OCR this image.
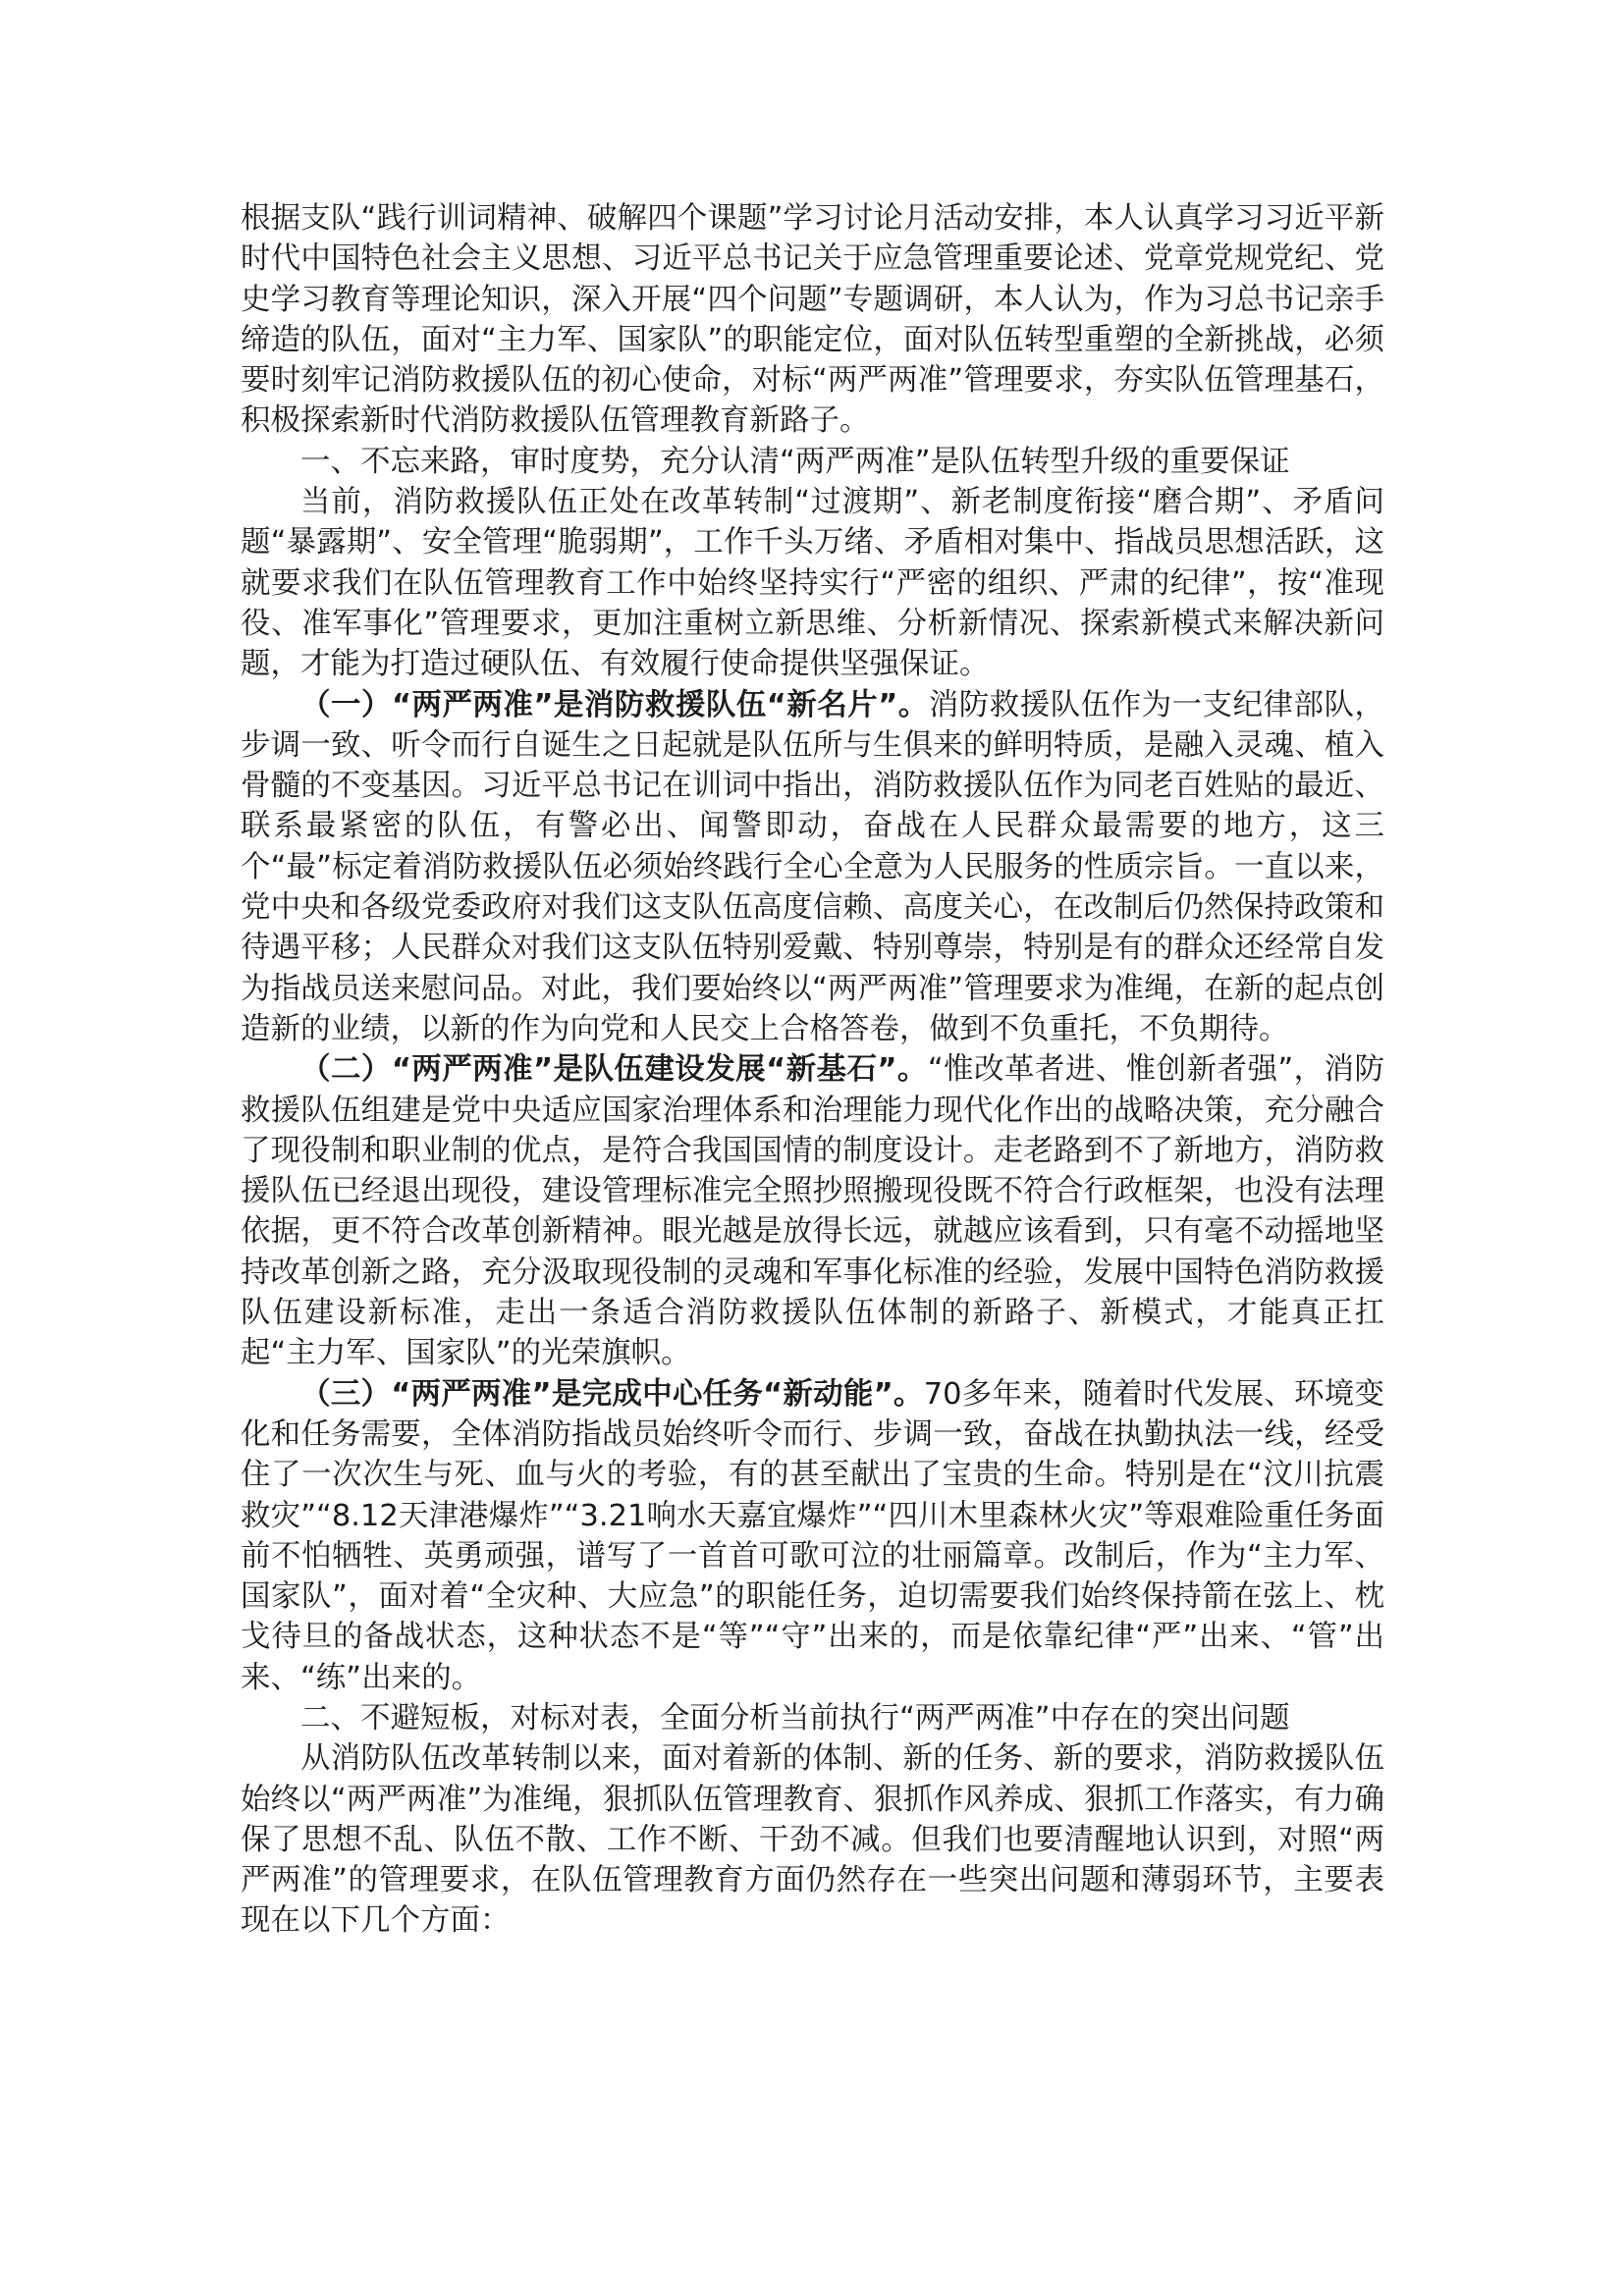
根据支队“践行训词精神、破解四个课题”学习讨论月活动安排，本人认真学习习近平新时代中国特色社会主义思想、习近平总书记关于应急管理重要论述、党章党规党纪、党史学习教育等理论知识，深入开展“四个问题”专题调研，本人认为，作为习总书记亲手缔造的队伍，面对“主力军、国家队”的职能定位，面对队伍转型重塑的全新挑战，必须要时刻牢记消防救援队伍的初心使命，对标“两严两准”管理要求，夯实队伍管理基石，积极探索新时代消防救援队伍管理教育新路子。

一、不忘来路，审时度势，充分认清“两严两准”是队伍转型升级的重要保证

当前，消防救援队伍正处在改革转制“过渡期”、新老制度衔接“磨合期”、矛盾问题“暴露期”、安全管理“脆弱期”，工作千头万绪、矛盾相对集中、指战员思想活跃，这就要求我们在队伍管理教育工作中始终坚持实行“严密的组织、严肃的纪律”，按“准现役、准军事化”管理要求，更加注重树立新思维、分析新情况、探索新模式来解决新问题，才能为打造过硬队伍、有效履行使命提供坚强保证。

（一）“两严两准”是消防救援队伍“新名片”。消防救援队伍作为一支纪律部队，步调一致、听令而行自诞生之日起就是队伍所与生俱来的鲜明特质，是融入灵魂、植入骨髓的不变基因。习近平总书记在训词中指出，消防救援队伍作为同老百姓贴的最近、联系最紧密的队伍，有警必出、闻警即动，奋战在人民群众最需要的地方，这三个“最”标定着消防救援队伍必须始终践行全心全意为人民服务的性质宗旨。一直以来，党中央和各级党委政府对我们这支队伍高度信赖、高度关心，在改制后仍然保持政策和待遇平移；人民群众对我们这支队伍特别爱戴、特别尊崇，特别是有的群众还经常自发为指战员送来慰问品。对此，我们要始终以“两严两准”管理要求为准绳，在新的起点创造新的业绩，以新的作为向党和人民交上合格答卷，做到不负重托，不负期待。

（二）“两严两准”是队伍建设发展“新基石”。“惟改革者进、惟创新者强”，消防救援队伍组建是党中央适应国家治理体系和治理能力现代化作出的战略决策，充分融合了现役制和职业制的优点，是符合我国国情的制度设计。走老路到不了新地方，消防救援队伍已经退出现役，建设管理标准完全照抄照搬现役既不符合行政框架，也没有法理依据，更不符合改革创新精神。眼光越是放得长远，就越应该看到，只有毫不动摇地坚持改革创新之路，充分汲取现役制的灵魂和军事化标准的经验，发展中国特色消防救援队伍建设新标准，走出一条适合消防救援队伍体制的新路子、新模式，才能真正扛起“主力军、国家队”的光荣旗帜。

（三）“两严两准”是完成中心任务“新动能”。70多年来，随着时代发展、环境变化和任务需要，全体消防指战员始终听令而行、步调一致，奋战在执勤执法一线，经受住了一次次生与死、血与火的考验，有的甚至献出了宝贵的生命。特别是在“汶川抗震救灾”“8.12天津港爆炸”“3.21响水天嘉宜爆炸”“四川木里森林火灾”等艰难险重任务面前不怕牺牲、英勇顽强，谱写了一首首可歌可泣的壮丽篇章。改制后，作为“主力军、国家队”，面对着“全灾种、大应急”的职能任务，迫切需要我们始终保持箭在弦上、枕戈待旦的备战状态，这种状态不是“等”“守”出来的，而是依靠纪律“严”出来、“管”出来、“练”出来的。

二、不避短板，对标对表，全面分析当前执行“两严两准”中存在的突出问题

从消防队伍改革转制以来，面对着新的体制、新的任务、新的要求，消防救援队伍始终以“两严两准”为准绳，狠抓队伍管理教育、狠抓作风养成、狠抓工作落实，有力确保了思想不乱、队伍不散、工作不断、干劲不减。但我们也要清醒地认识到，对照“两严两准”的管理要求，在队伍管理教育方面仍然存在一些突出问题和薄弱环节，主要表现在以下几个方面：
